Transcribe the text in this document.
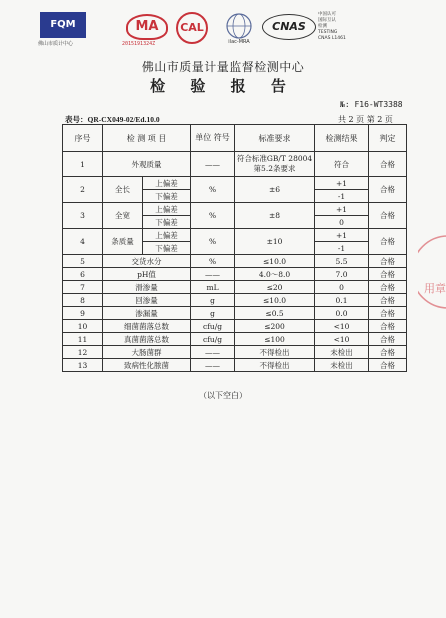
FQM
佛山市质计中心
MA
2015191324Z
CAL
ilac-MRA
CNAS
中国认可
国际互认
检测
TESTING
CNAS L1461
佛山市质量计量监督检测中心
检 验 报 告
№: F16-WT3388
表号：QR-CX049-02/Ed.10.0	共 2 页 第 2 页
序号	检 测 项 目		单位 符号	标准要求	检测结果	判定
1	外观质量		——	符合标准GB/T 28004第5.2条要求	符合	合格
2	全长	上偏差	%	±6	+1	合格
		下偏差			-1	
3	全宽	上偏差	%	±8	+1	合格
		下偏差			0	
4	条质量	上偏差	%	±10	+1	合格
		下偏差			-1	
5	交货水分		%	≤10.0	5.5	合格
6	pH值		——	4.0～8.0	7.0	合格
7	滑渗量		mL	≤20	0	合格
8	回渗量		g	≤10.0	0.1	合格
9	渗漏量		g	≤0.5	0.0	合格
10	细菌菌落总数		cfu/g	≤200	<10	合格
11	真菌菌落总数		cfu/g	≤100	<10	合格
12	大肠菌群		——	不得检出	未检出	合格
13	致病性化脓菌		——	不得检出	未检出	合格
（以下空白）
用章
